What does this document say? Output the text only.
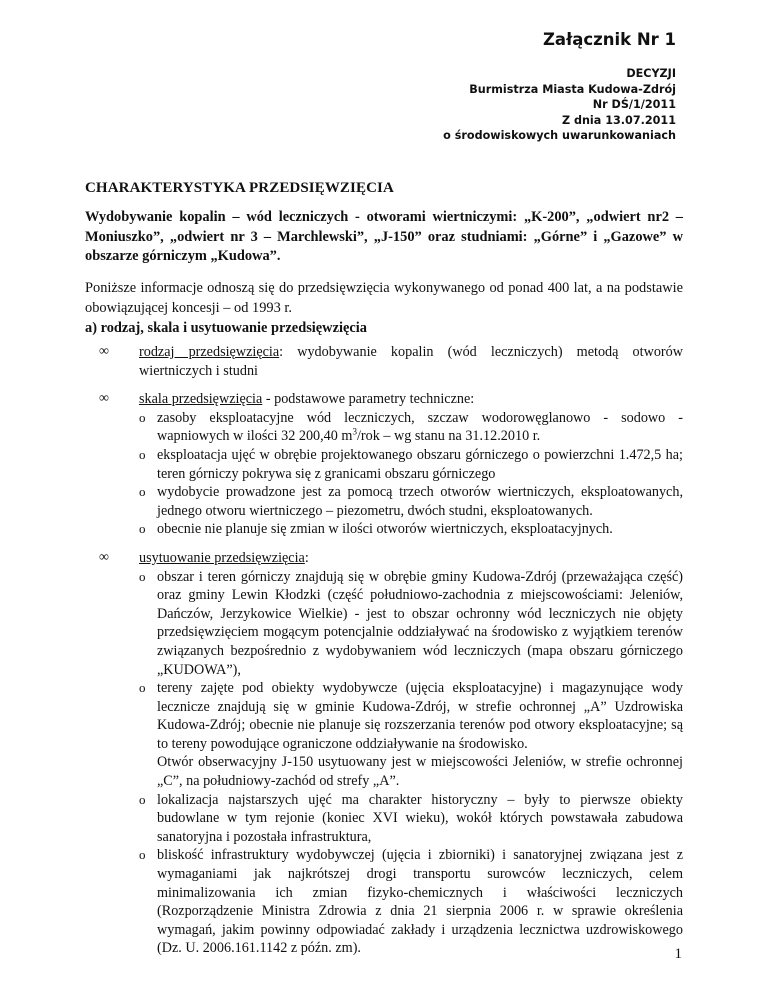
Załącznik Nr 1
DECYZJI
Burmistrza Miasta Kudowa-Zdrój
Nr DŚ/1/2011
Z dnia 13.07.2011
o środowiskowych uwarunkowaniach
CHARAKTERYSTYKA PRZEDSIĘWZIĘCIA
Wydobywanie kopalin – wód leczniczych - otworami wiertniczymi: „K-200”, „odwiert nr2 – Moniuszko”, „odwiert nr 3 – Marchlewski”, „J-150” oraz studniami: „Górne” i „Gazowe” w obszarze górniczym „Kudowa”.
Poniższe informacje odnoszą się do przedsięwzięcia wykonywanego od ponad 400 lat, a na podstawie obowiązującej koncesji – od 1993 r.
a) rodzaj, skala i usytuowanie przedsięwzięcia
∞ rodzaj przedsięwzięcia: wydobywanie kopalin (wód leczniczych) metodą otworów wiertniczych i studni
∞ skala przedsięwzięcia - podstawowe parametry techniczne:
o zasoby eksploatacyjne wód leczniczych, szczaw wodorowęglanowo - sodowo - wapniowych w ilości 32 200,40 $m^3$/rok – wg stanu na 31.12.2010 r.
o eksploatacja ujęć w obrębie projektowanego obszaru górniczego o powierzchni 1.472,5 ha; teren górniczy pokrywa się z granicami obszaru górniczego
o wydobycie prowadzone jest za pomocą trzech otworów wiertniczych, eksploatowanych, jednego otworu wiertniczego – piezometru, dwóch studni, eksploatowanych.
o obecnie nie planuje się zmian w ilości otworów wiertniczych, eksploatacyjnych.
∞ usytuowanie przedsięwzięcia:
o obszar i teren górniczy znajdują się w obrębie gminy Kudowa-Zdrój (przeważająca część) oraz gminy Lewin Kłodzki (część południowo-zachodnia z miejscowościami: Jeleniów, Dańczów, Jerzykowice Wielkie) - jest to obszar ochronny wód leczniczych nie objęty przedsięwzięciem mogącym potencjalnie oddziaływać na środowisko z wyjątkiem terenów związanych bezpośrednio z wydobywaniem wód leczniczych (mapa obszaru górniczego „KUDOWA”),
o tereny zajęte pod obiekty wydobywcze (ujęcia eksploatacyjne) i magazynujące wody lecznicze znajdują się w gminie Kudowa-Zdrój, w strefie ochronnej „A” Uzdrowiska Kudowa-Zdrój; obecnie nie planuje się rozszerzania terenów pod otwory eksploatacyjne; są to tereny powodujące ograniczone oddziaływanie na środowisko.
Otwór obserwacyjny J-150 usytuowany jest w miejscowości Jeleniów, w strefie ochronnej „C”, na południowy-zachód od strefy „A”.
o lokalizacja najstarszych ujęć ma charakter historyczny – były to pierwsze obiekty budowlane w tym rejonie (koniec XVI wieku), wokół których powstawała zabudowa sanatoryjna i pozostała infrastruktura,
o bliskość infrastruktury wydobywczej (ujęcia i zbiorniki) i sanatoryjnej związana jest z wymaganiami jak najkrótszej drogi transportu surowców leczniczych, celem minimalizowania ich zmian fizyko-chemicznych i właściwości leczniczych (Rozporządzenie Ministra Zdrowia z dnia 21 sierpnia 2006 r. w sprawie określenia wymagań, jakim powinny odpowiadać zakłady i urządzenia lecznictwa uzdrowiskowego (Dz. U. 2006.161.1142 z późn. zm).	1
